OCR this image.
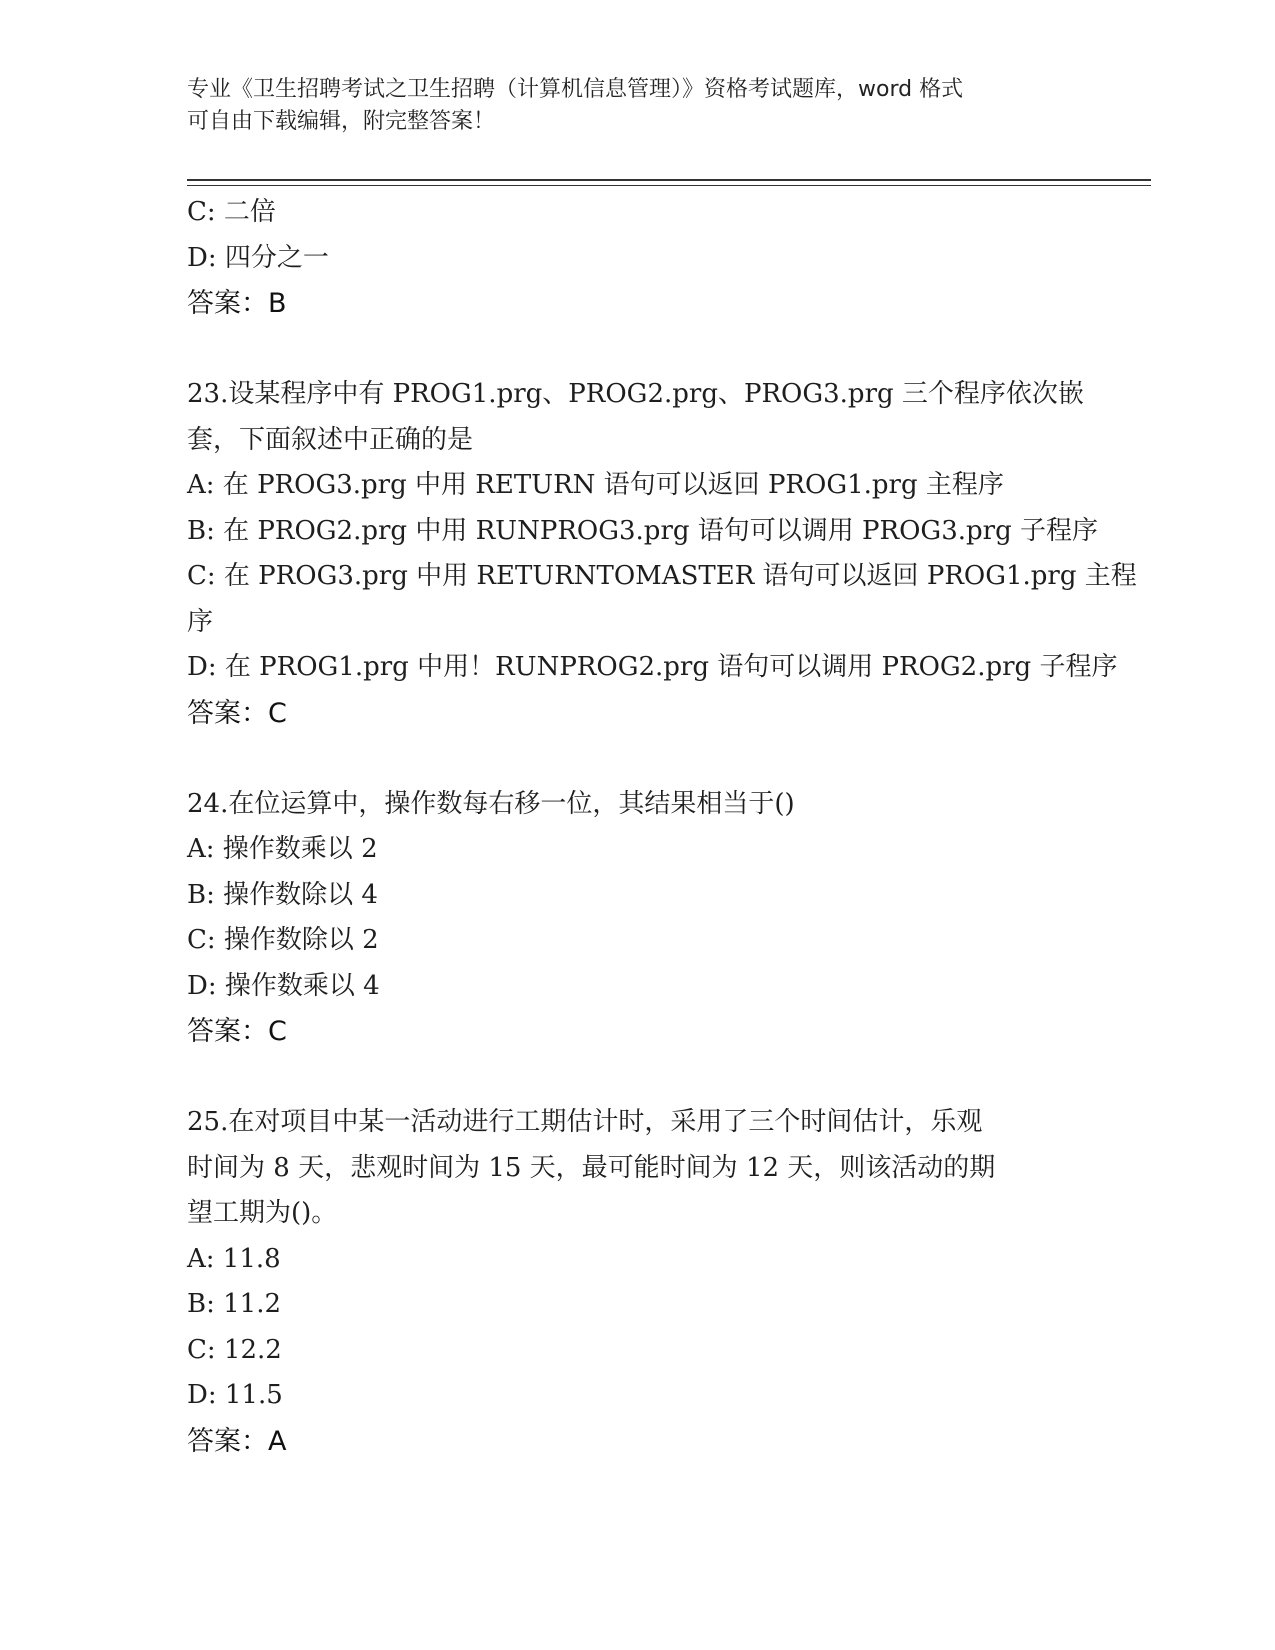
专业《卫生招聘考试之卫生招聘（计算机信息管理）》资格考试题库，word 格式
可自由下载编辑，附完整答案！
C: 二倍
D: 四分之一
答案：B
23.设某程序中有 PROG1.prg、PROG2.prg、PROG3.prg 三个程序依次嵌
套，下面叙述中正确的是
A: 在 PROG3.prg 中用 RETURN 语句可以返回 PROG1.prg 主程序
B: 在 PROG2.prg 中用 RUNPROG3.prg 语句可以调用 PROG3.prg 子程序
C: 在 PROG3.prg 中用 RETURNTOMASTER 语句可以返回 PROG1.prg 主程
序
D: 在 PROG1.prg 中用！RUNPROG2.prg 语句可以调用 PROG2.prg 子程序
答案：C
24.在位运算中，操作数每右移一位，其结果相当于()
A: 操作数乘以 2
B: 操作数除以 4
C: 操作数除以 2
D: 操作数乘以 4
答案：C
25.在对项目中某一活动进行工期估计时，采用了三个时间估计，乐观
时间为 8 天，悲观时间为 15 天，最可能时间为 12 天，则该活动的期
望工期为()。
A: 11.8
B: 11.2
C: 12.2
D: 11.5
答案：A
